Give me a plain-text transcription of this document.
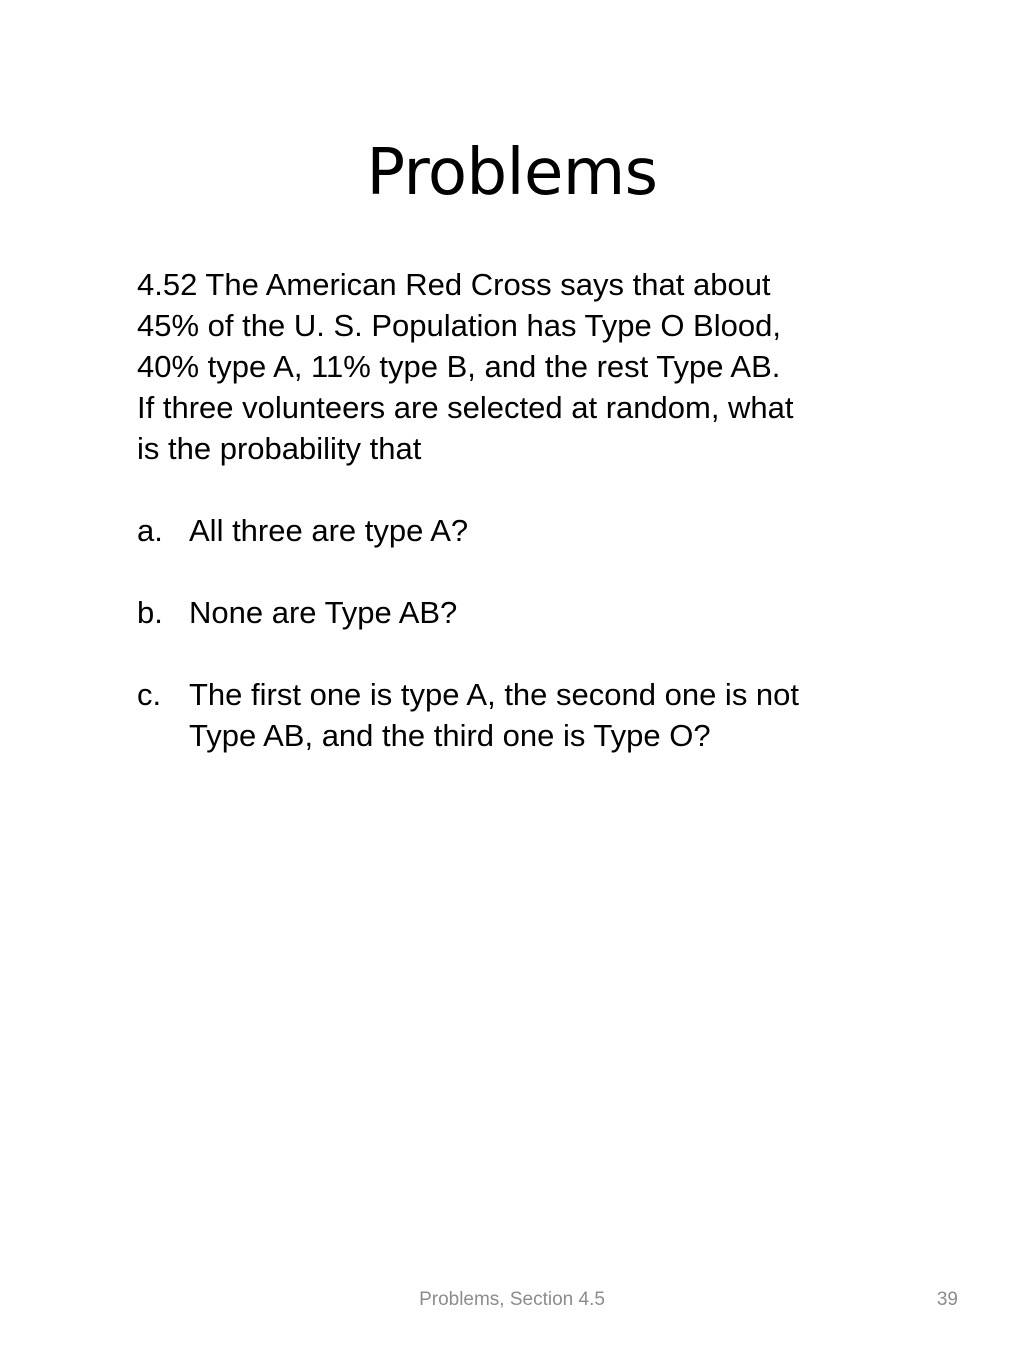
Problems
4.52 The American Red Cross says that about
45% of the U. S. Population has Type O Blood,
40% type A, 11% type B, and the rest Type AB.
If three volunteers are selected at random, what
is the probability that
a. All three are type A?
b. None are Type AB?
c. The first one is type A, the second one is not
Type AB, and the third one is Type O?
Problems, Section 4.5	39
